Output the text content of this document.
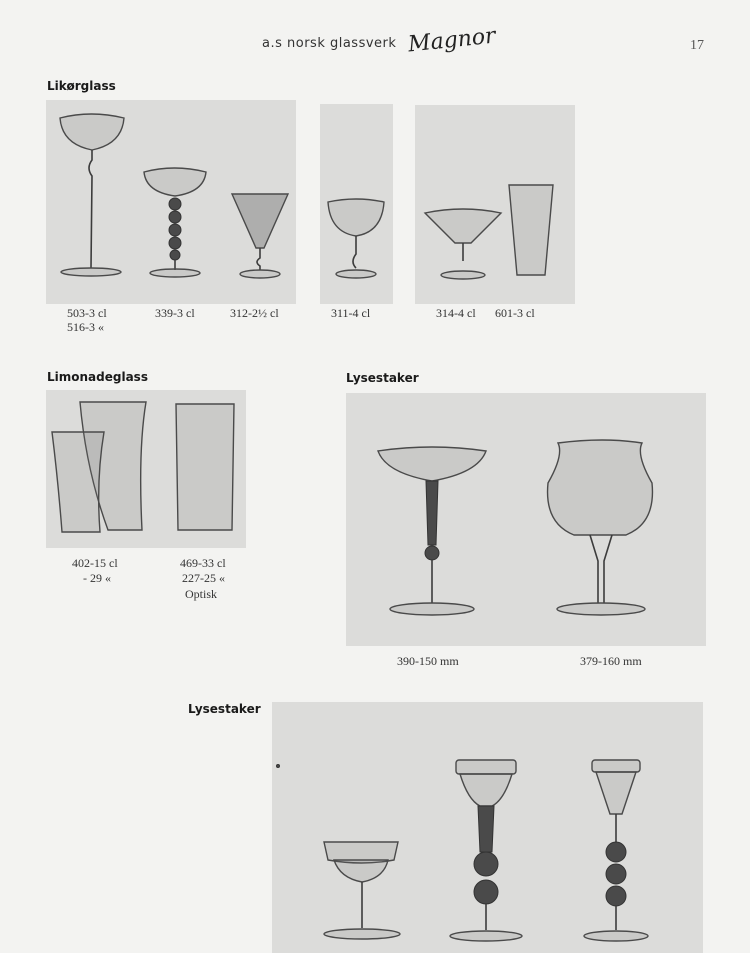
a.s norsk glassverk Magnor	17
Likørglass
503-3 cl
516-3 «
339-3 cl	312-2½ cl	311-4 cl	314-4 cl 601-3 cl
Limonadeglass
402-15 cl
- 29 «
469-33 cl
227-25 «
Optisk
Lysestaker
390-150 mm	379-160 mm
Lysestaker
